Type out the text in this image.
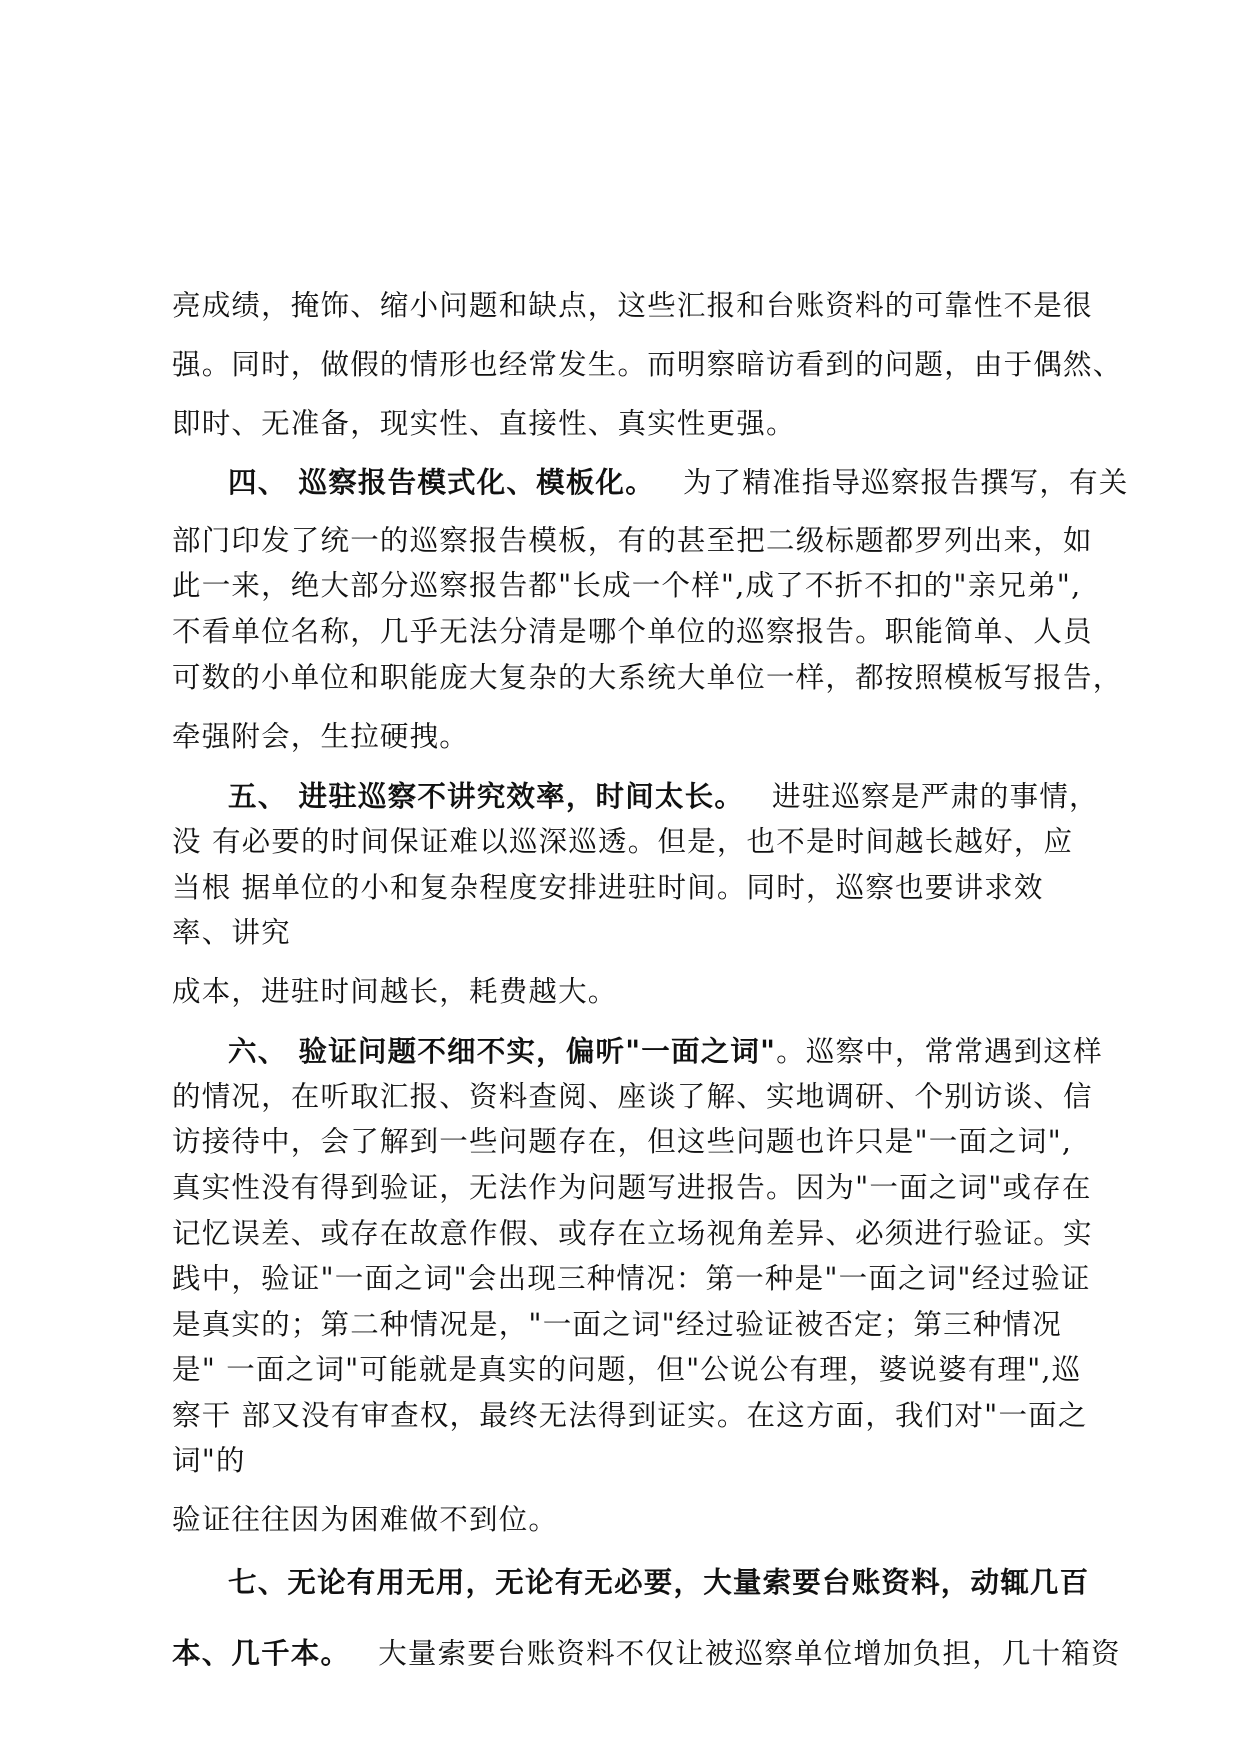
亮成绩，掩饰、缩小问题和缺点，这些汇报和台账资料的可靠性不是很
强。同时，做假的情形也经常发生。而明察暗访看到的问题，由于偶然、
即时、无准备，现实性、直接性、真实性更强。
四、 巡察报告模式化、模板化。 为了精准指导巡察报告撰写，有关
部门印发了统一的巡察报告模板，有的甚至把二级标题都罗列出来，如
此一来，绝大部分巡察报告都"长成一个样",成了不折不扣的"亲兄弟",
不看单位名称，几乎无法分清是哪个单位的巡察报告。职能简单、人员
可数的小单位和职能庞大复杂的大系统大单位一样，都按照模板写报告，
牵强附会，生拉硬拽。
五、 进驻巡察不讲究效率，时间太长。 进驻巡察是严肃的事情，
没 有必要的时间保证难以巡深巡透。但是，也不是时间越长越好，应
当根 据单位的小和复杂程度安排进驻时间。同时，巡察也要讲求效
率、讲究
成本，进驻时间越长，耗费越大。
六、 验证问题不细不实，偏听"一面之词"。巡察中，常常遇到这样
的情况，在听取汇报、资料查阅、座谈了解、实地调研、个别访谈、信
访接待中，会了解到一些问题存在，但这些问题也许只是"一面之词",
真实性没有得到验证，无法作为问题写进报告。因为"一面之词"或存在
记忆误差、或存在故意作假、或存在立场视角差异、必须进行验证。实
践中，验证"一面之词"会出现三种情况：第一种是"一面之词"经过验证
是真实的；第二种情况是，"一面之词"经过验证被否定；第三种情况
是" 一面之词"可能就是真实的问题，但"公说公有理，婆说婆有理",巡
察干 部又没有审查权，最终无法得到证实。在这方面，我们对"一面之
词"的
验证往往因为困难做不到位。
七、无论有用无用，无论有无必要，大量索要台账资料，动辄几百
本、几千本。 大量索要台账资料不仅让被巡察单位增加负担，几十箱资
